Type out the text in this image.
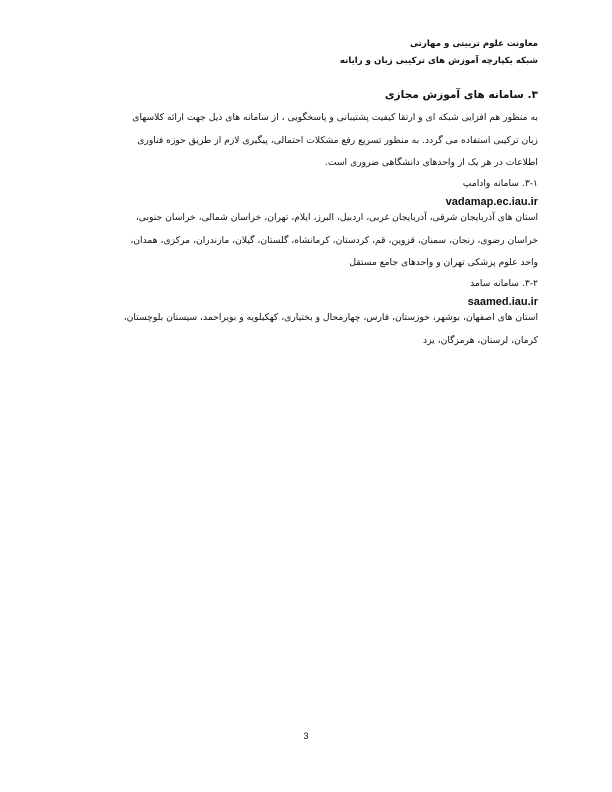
معاونت علوم تربیتی و مهارتی
شبکه یکپارچه آموزش های ترکیبی زبان و رایانه
۳. سامانه های آموزش مجازی
به منظور هم افزایی شبکه ای و ارتقا کیفیت پشتیبانی و پاسخگویی ، از سامانه های ذیل جهت ارائه کلاسهای
زبان ترکیبی استفاده می گردد. به منظور تسریع رفع مشکلات احتمالی، پیگیری لازم از طریق حوزه فناوری
اطلاعات در هر یک از واحدهای دانشگاهی ضروری است.
۳-۱. سامانه وادامپ
vadamap.ec.iau.ir
استان های آذربایجان شرقی، آذربایجان غربی، اردبیل، البرز، ایلام، تهران، خراسان شمالی، خراسان جنوبی،
خراسان رضوی، زنجان، سمنان، قزوین، قم، کردستان، کرمانشاه، گلستان، گیلان، مازندران، مرکزی، همدان،
واحد علوم پزشکی تهران و واحدهای جامع مستقل
۳-۲. سامانه سامد
saamed.iau.ir
استان های اصفهان، بوشهر، خوزستان، فارس، چهارمحال و بختیاری، کهکیلویه و بویراحمد، سیستان بلوچستان،
کرمان، لرستان، هرمزگان، یزد
3
